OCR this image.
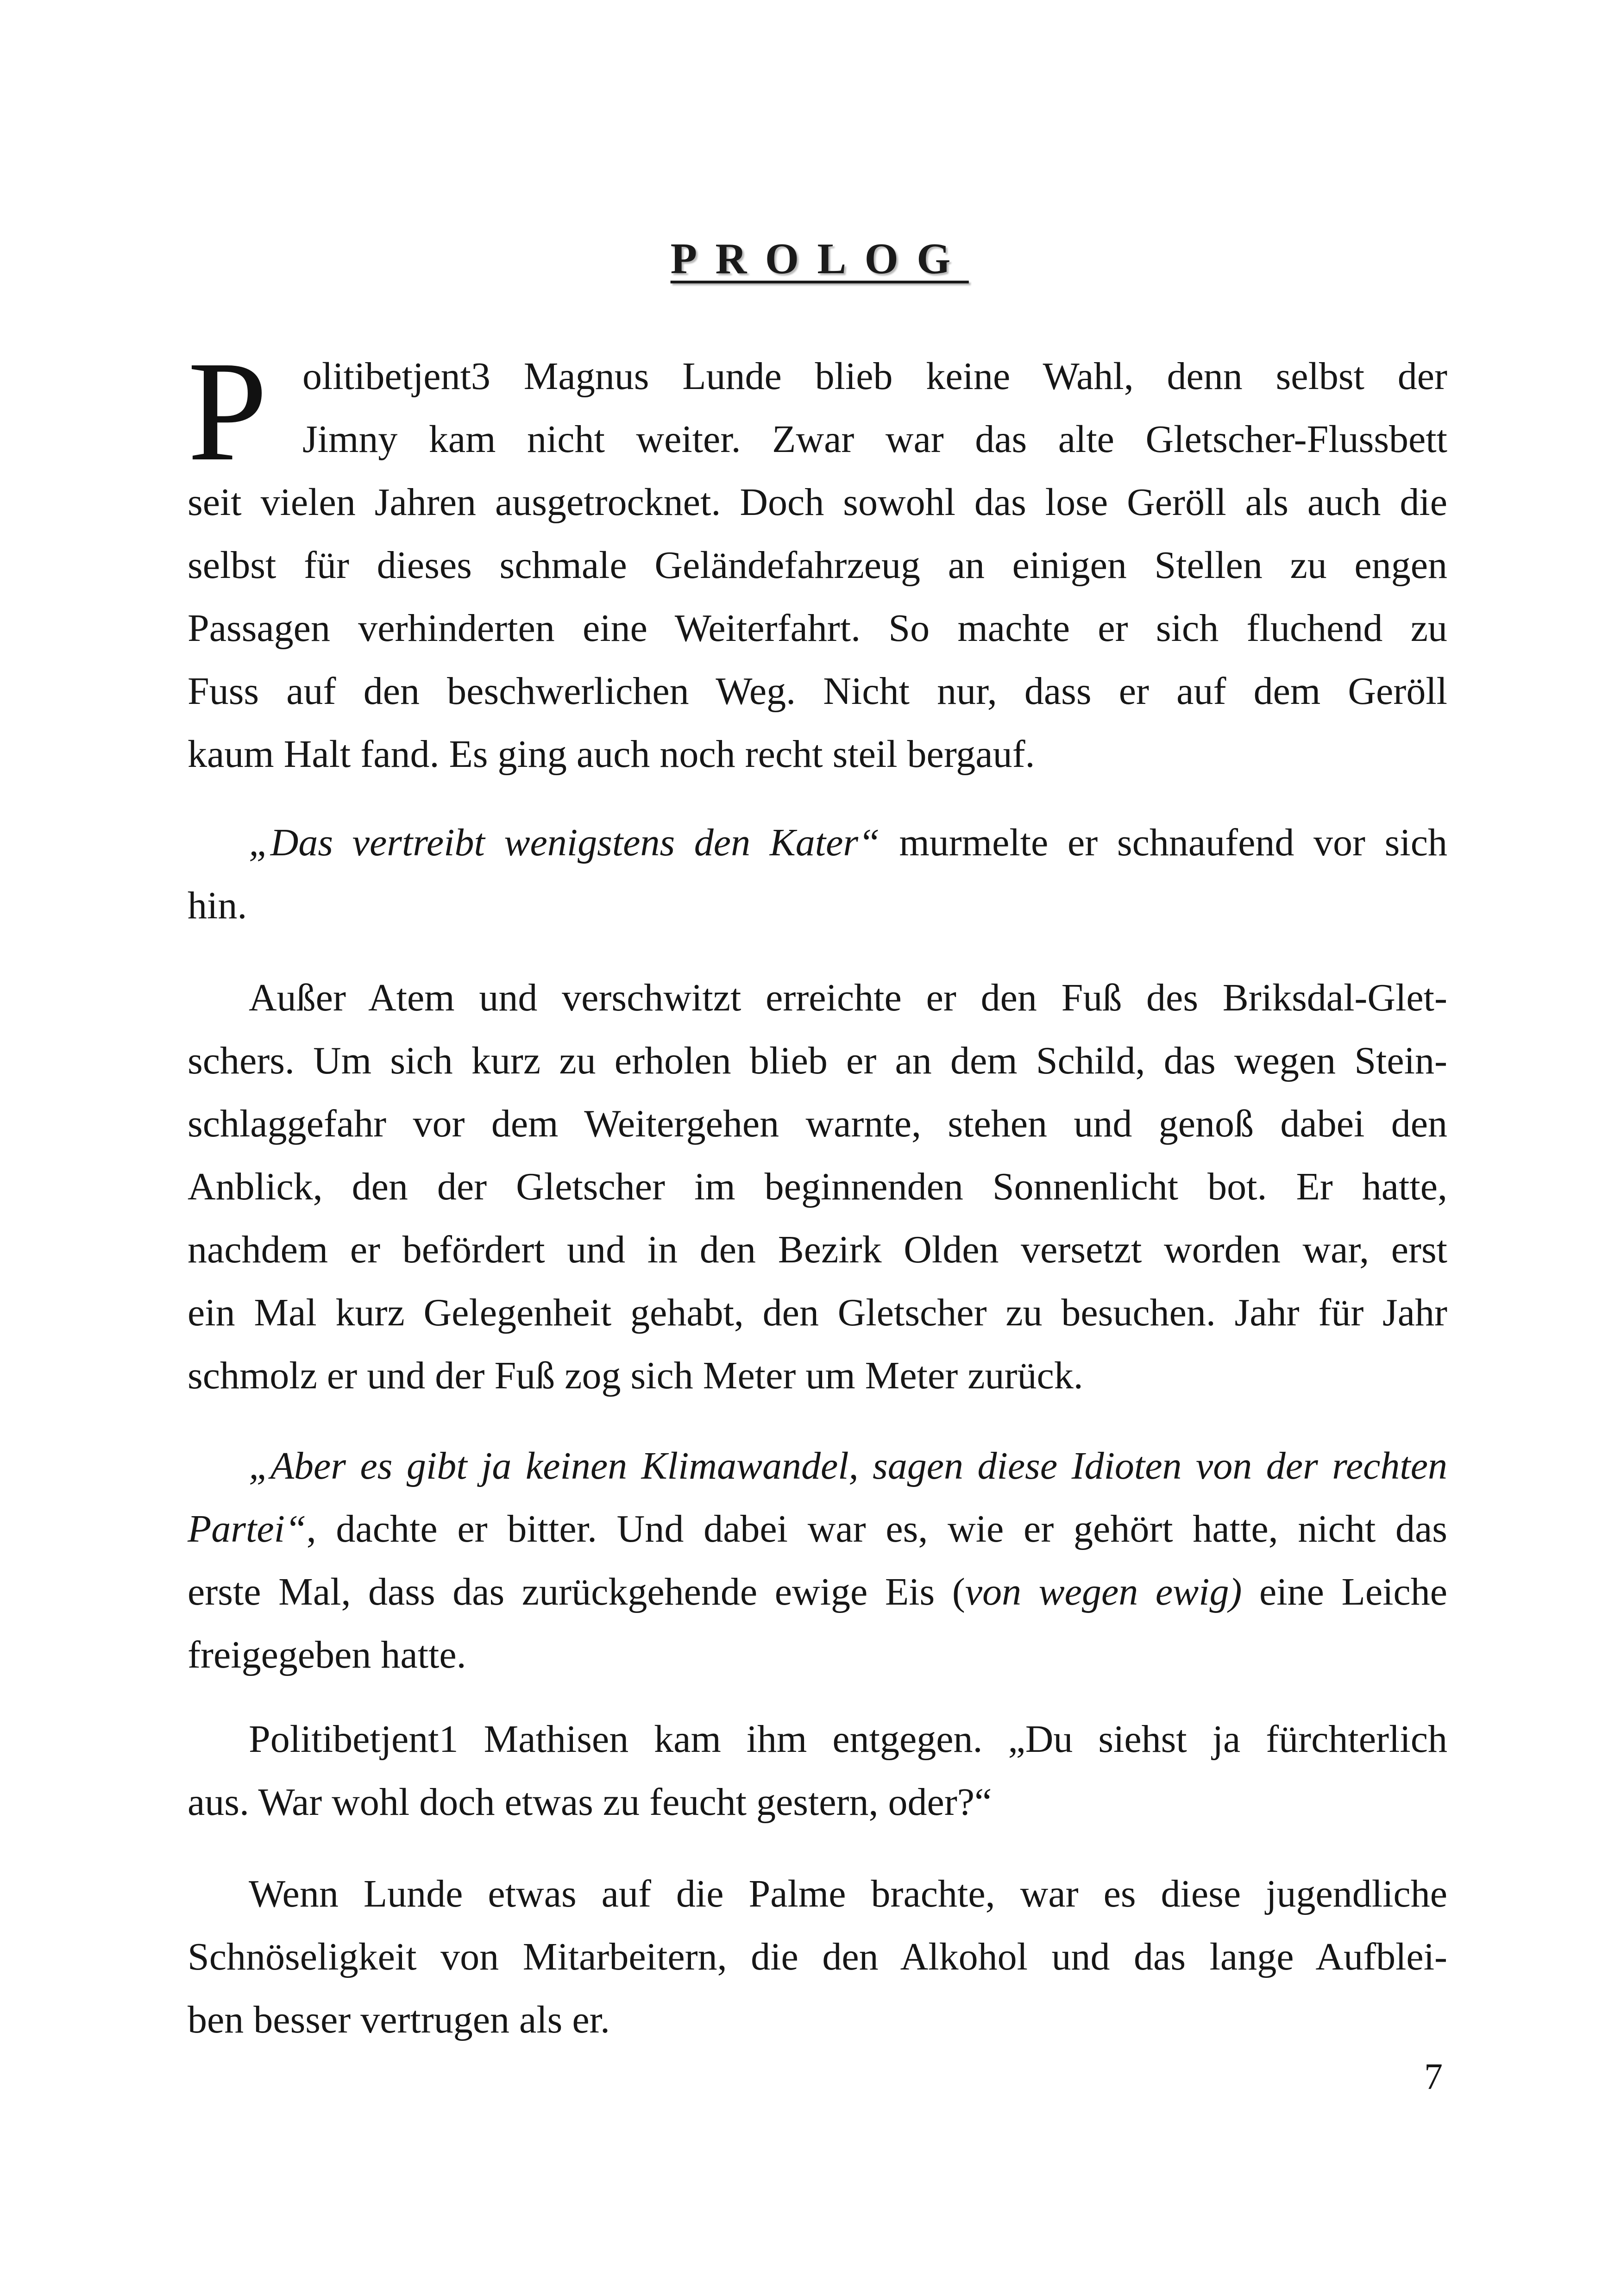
PROLOG
P olitibetjent3 Magnus Lunde blieb keine Wahl, denn selbst der
Jimny kam nicht weiter. Zwar war das alte Gletscher-Flussbett
seit vielen Jahren ausgetrocknet. Doch sowohl das lose Geröll als auch die
selbst für dieses schmale Geländefahrzeug an einigen Stellen zu engen
Passagen verhinderten eine Weiterfahrt. So machte er sich fluchend zu
Fuss auf den beschwerlichen Weg. Nicht nur, dass er auf dem Geröll
kaum Halt fand. Es ging auch noch recht steil bergauf.
„Das vertreibt wenigstens den Kater“ murmelte er schnaufend vor sich
hin.
Außer Atem und verschwitzt erreichte er den Fuß des Briksdal-Glet-
schers. Um sich kurz zu erholen blieb er an dem Schild, das wegen Stein-
schlaggefahr vor dem Weitergehen warnte, stehen und genoß dabei den
Anblick, den der Gletscher im beginnenden Sonnenlicht bot. Er hatte,
nachdem er befördert und in den Bezirk Olden versetzt worden war, erst
ein Mal kurz Gelegenheit gehabt, den Gletscher zu besuchen. Jahr für Jahr
schmolz er und der Fuß zog sich Meter um Meter zurück.
„Aber es gibt ja keinen Klimawandel, sagen diese Idioten von der rechten
Partei“, dachte er bitter. Und dabei war es, wie er gehört hatte, nicht das
erste Mal, dass das zurückgehende ewige Eis (von wegen ewig) eine Leiche
freigegeben hatte.
Politibetjent1 Mathisen kam ihm entgegen. „Du siehst ja fürchterlich
aus. War wohl doch etwas zu feucht gestern, oder?“
Wenn Lunde etwas auf die Palme brachte, war es diese jugendliche
Schnöseligkeit von Mitarbeitern, die den Alkohol und das lange Aufblei-
ben besser vertrugen als er.
7
